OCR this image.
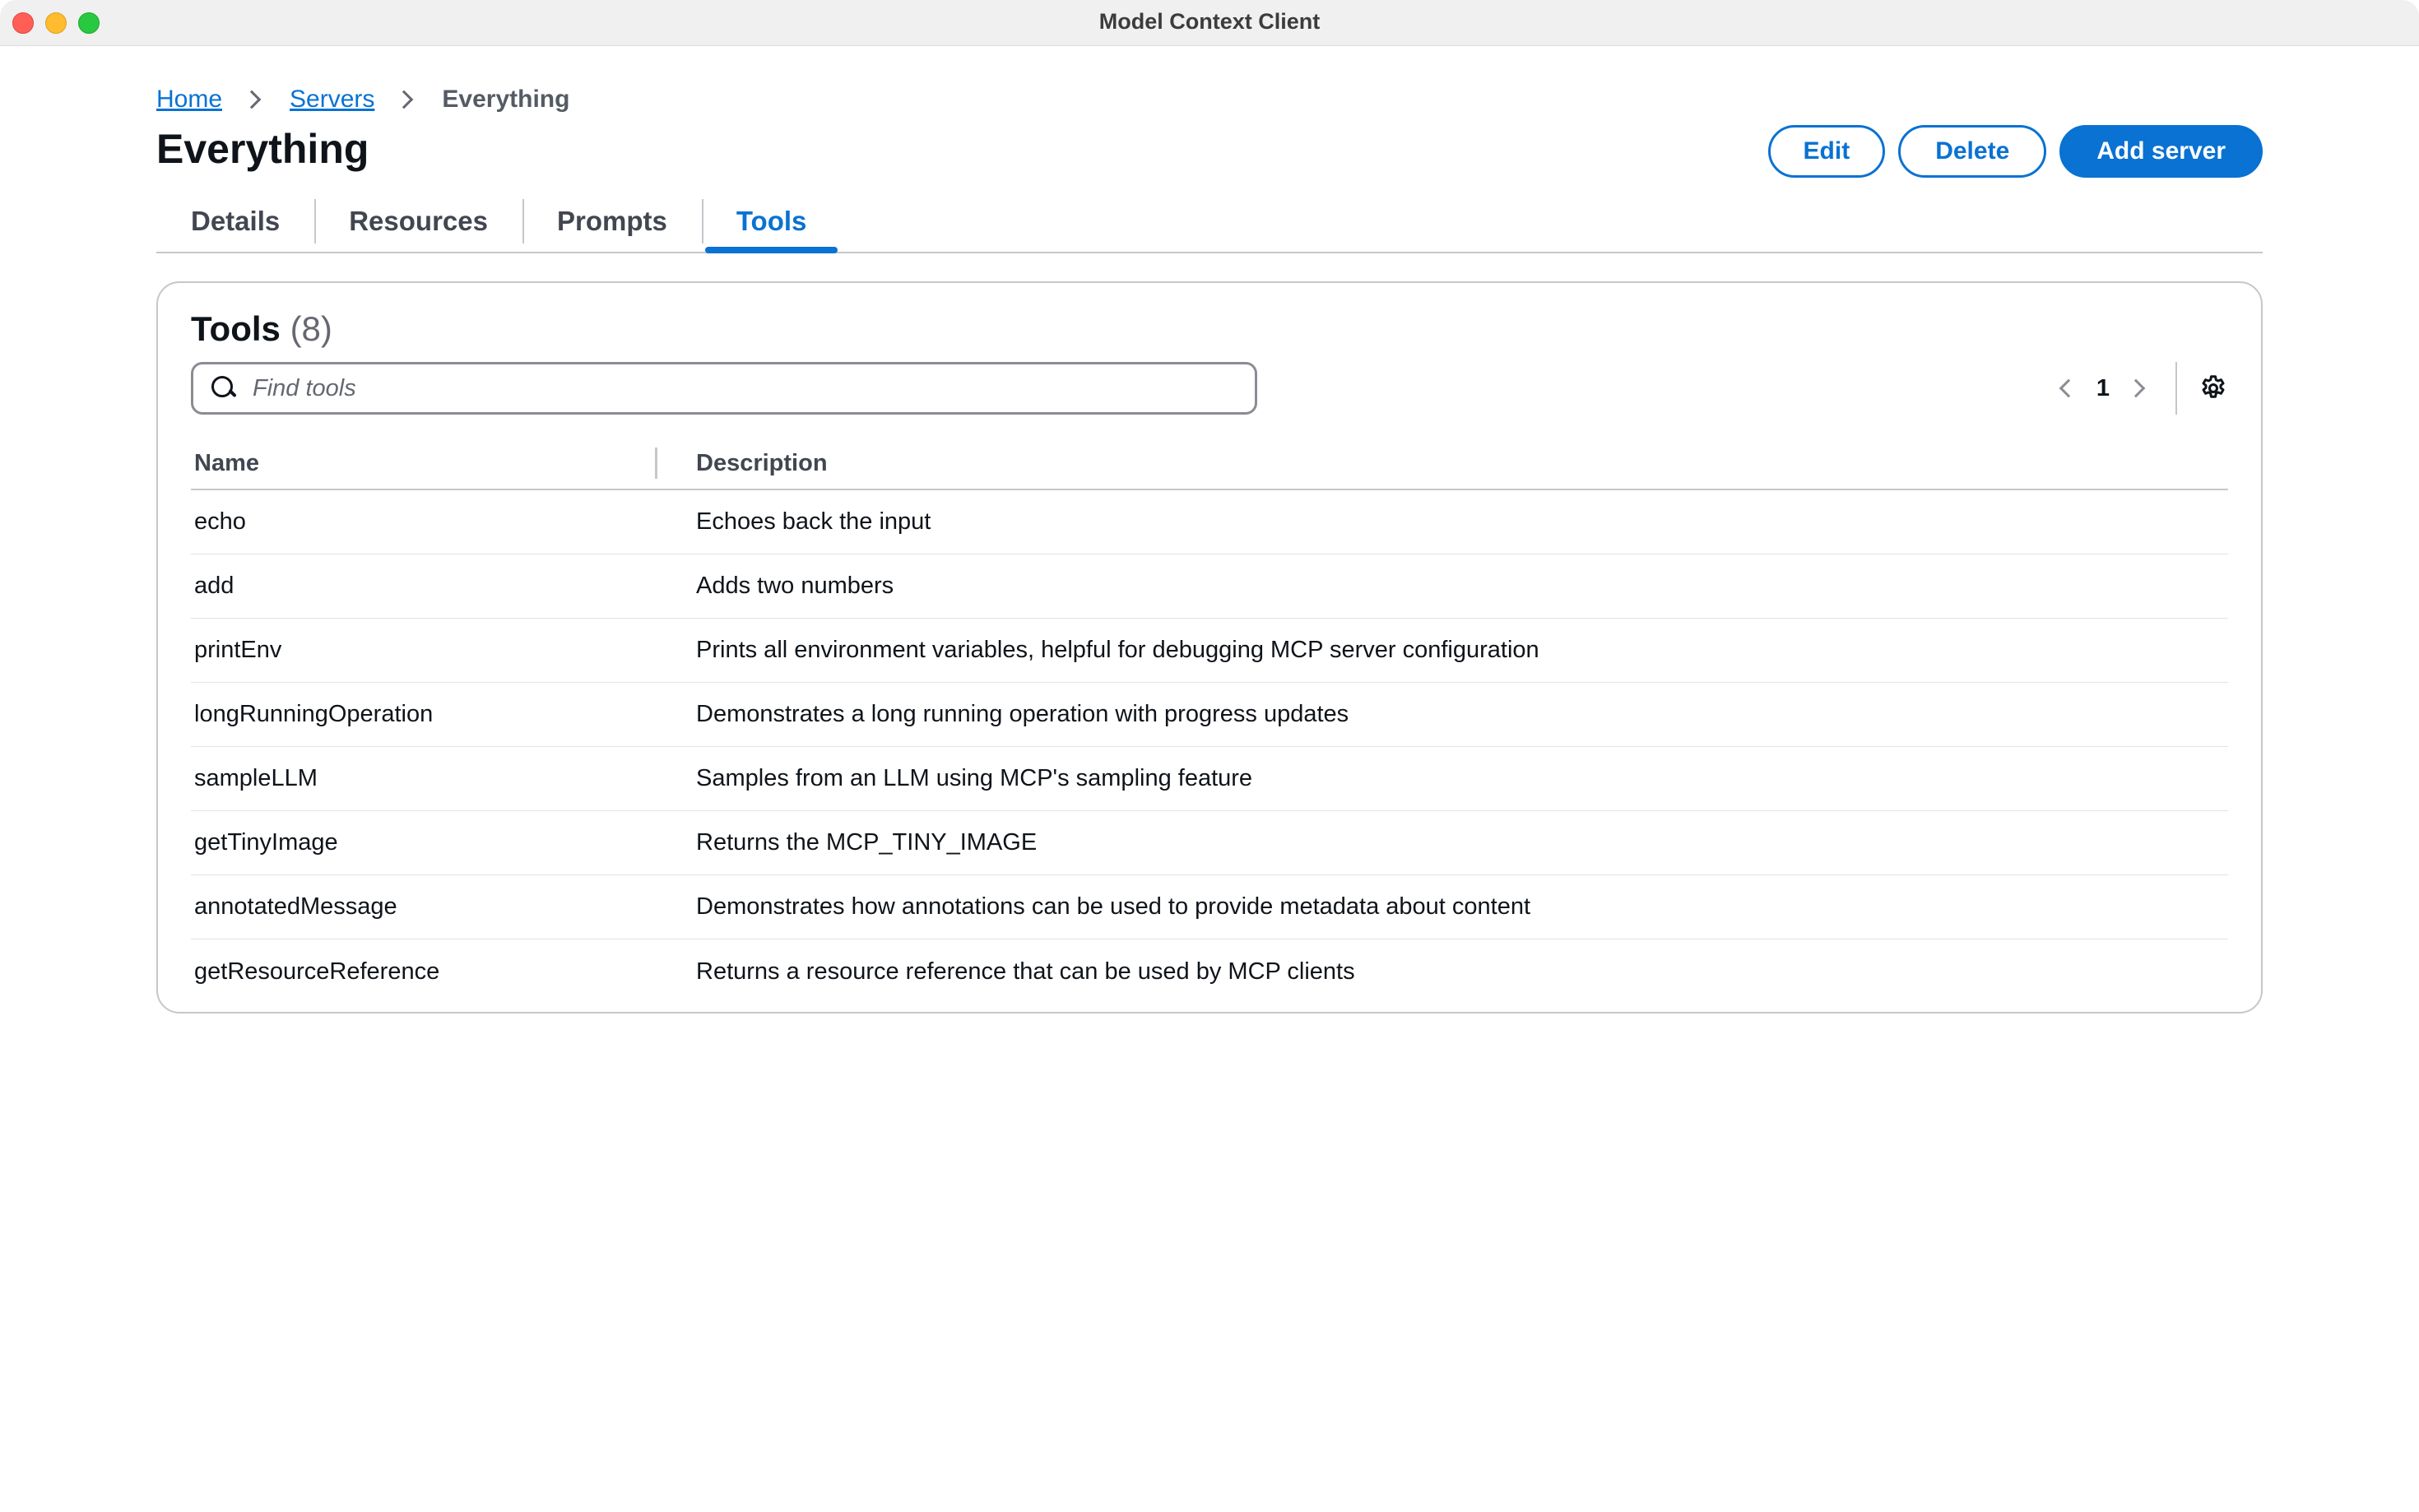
Model Context Client
Home	Servers	Everything
Everything	Edit	Delete	Add server
Details	Resources	Prompts	Tools
Tools (8)
Find tools
1
Name	Description
echo	Echoes back the input
add	Adds two numbers
printEnv	Prints all environment variables, helpful for debugging MCP server configuration
longRunningOperation	Demonstrates a long running operation with progress updates
sampleLLM	Samples from an LLM using MCP's sampling feature
getTinyImage	Returns the MCP_TINY_IMAGE
annotatedMessage	Demonstrates how annotations can be used to provide metadata about content
getResourceReference	Returns a resource reference that can be used by MCP clients
